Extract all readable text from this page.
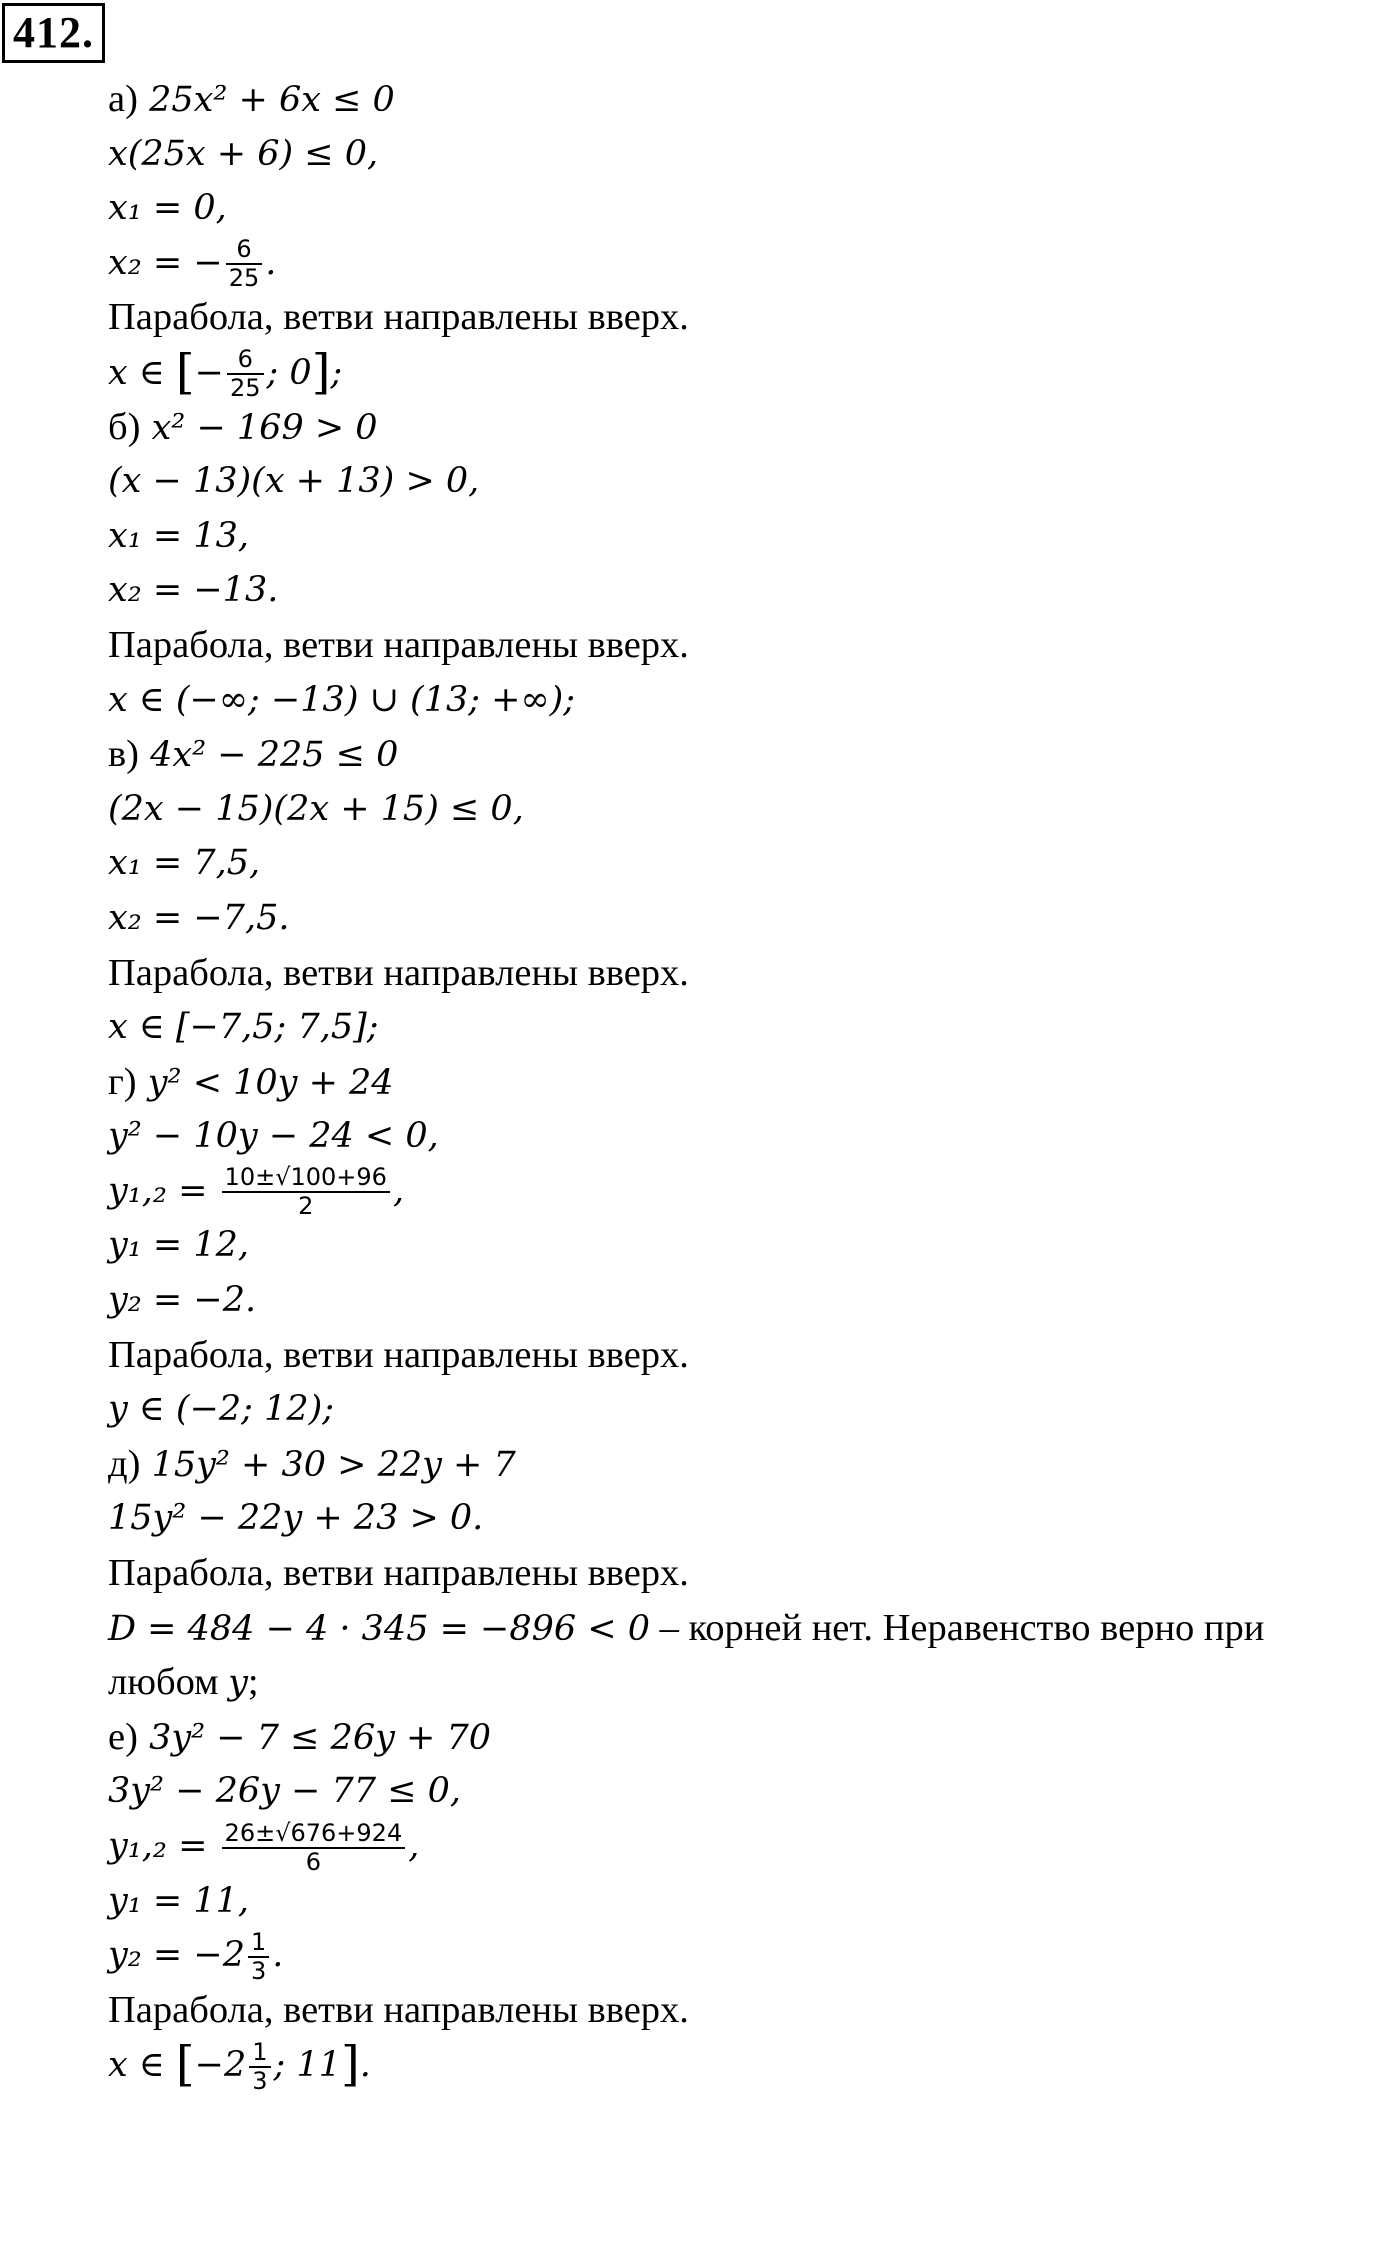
412.
а) 25x² + 6x ≤ 0
x(25x + 6) ≤ 0,
x₁ = 0,
x₂ = − $\frac{6}{25}$ .
Парабола, ветви направлены вверх.
x ∈ [− $\frac{6}{25}$ ; 0];
б) x² − 169 > 0
(x − 13)(x + 13) > 0,
x₁ = 13,
x₂ = −13.
Парабола, ветви направлены вверх.
x ∈ (−∞; −13) ∪ (13; +∞);
в) 4x² − 225 ≤ 0
(2x − 15)(2x + 15) ≤ 0,
x₁ = 7,5,
x₂ = −7,5.
Парабола, ветви направлены вверх.
x ∈ [−7,5; 7,5];
г) y² < 10y + 24
y² − 10y − 24 < 0,
$y_1,_2 = \frac{10\pm√100+96}{2}$ ,
y₁ = 12,
y₂ = −2.
Парабола, ветви направлены вверх.
y ∈ (−2; 12);
д) 15y² + 30 > 22y + 7
15y² − 22y + 23 > 0.
Парабола, ветви направлены вверх.
D = 484 − 4 · 345 = −896 < 0 – корней нет. Неравенство верно при
любом y;
е) 3y² − 7 ≤ 26y + 70
3y² − 26y − 77 ≤ 0,
$y_1,_2 = \frac{26\pm√676+924}{6}$ ,
y₁ = 11,
$y_2 = -2 \frac{1}{3}$ .
Парабола, ветви направлены вверх.
x ∈ [$-2 \frac{1}{3}$ ; 11].
